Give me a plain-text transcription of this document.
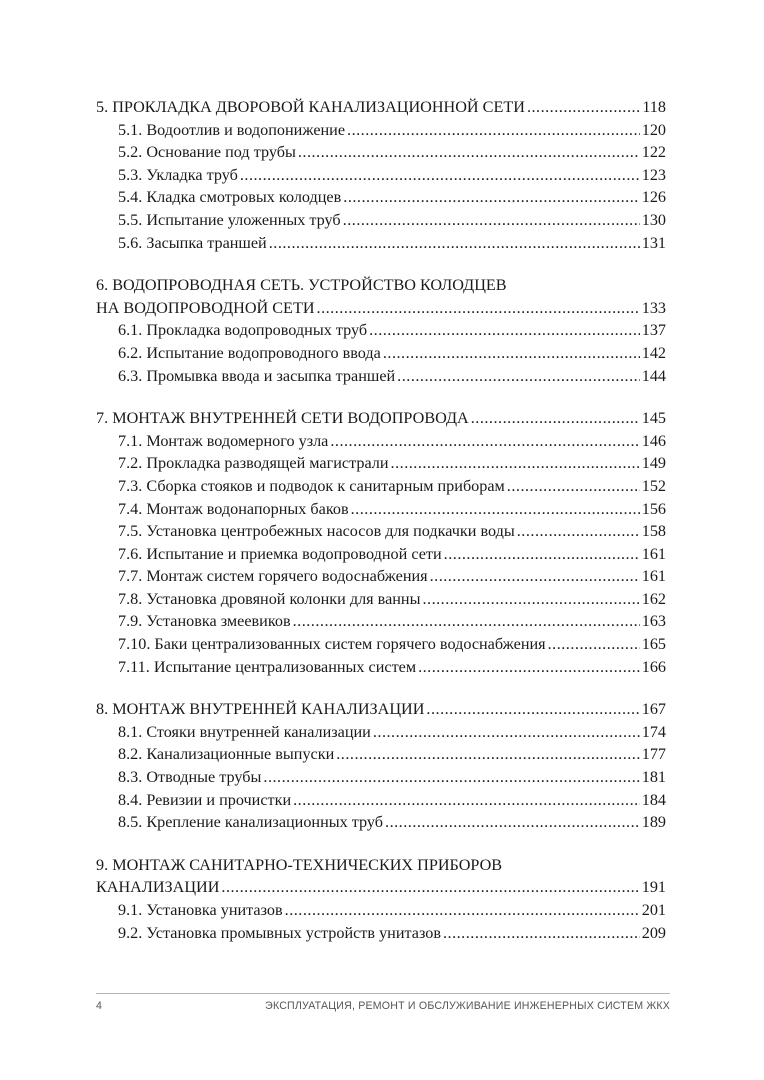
5. ПРОКЛАДКА ДВОРОВОЙ КАНАЛИЗАЦИОННОЙ СЕТИ .....	118
5.1. Водоотлив и водопонижение .....	120
5.2. Основание под трубы .....	122
5.3. Укладка труб .....	123
5.4. Кладка смотровых колодцев .....	126
5.5. Испытание уложенных труб .....	130
5.6. Засыпка траншей .....	131
6. ВОДОПРОВОДНАЯ СЕТЬ. УСТРОЙСТВО КОЛОДЦЕВ
НА ВОДОПРОВОДНОЙ СЕТИ .....	133
6.1. Прокладка водопроводных труб .....	137
6.2. Испытание водопроводного ввода .....	142
6.3. Промывка ввода и засыпка траншей .....	144
7. МОНТАЖ ВНУТРЕННЕЙ СЕТИ ВОДОПРОВОДА .....	145
7.1. Монтаж водомерного узла .....	146
7.2. Прокладка разводящей магистрали .....	149
7.3. Сборка стояков и подводок к санитарным приборам .....	152
7.4. Монтаж водонапорных баков .....	156
7.5. Установка центробежных насосов для подкачки воды .....	158
7.6. Испытание и приемка водопроводной сети .....	161
7.7. Монтаж систем горячего водоснабжения .....	161
7.8. Установка дровяной колонки для ванны .....	162
7.9. Установка змеевиков .....	163
7.10. Баки централизованных систем горячего водоснабжения .....	165
7.11. Испытание централизованных систем .....	166
8. МОНТАЖ ВНУТРЕННЕЙ КАНАЛИЗАЦИИ .....	167
8.1. Стояки внутренней канализации .....	174
8.2. Канализационные выпуски .....	177
8.3. Отводные трубы .....	181
8.4. Ревизии и прочистки .....	184
8.5. Крепление канализационных труб .....	189
9. МОНТАЖ САНИТАРНО-ТЕХНИЧЕСКИХ ПРИБОРОВ
КАНАЛИЗАЦИИ .....	191
9.1. Установка унитазов .....	201
9.2. Установка промывных устройств унитазов .....	209
4	ЭКСПЛУАТАЦИЯ, РЕМОНТ И ОБСЛУЖИВАНИЕ ИНЖЕНЕРНЫХ СИСТЕМ ЖКХ
